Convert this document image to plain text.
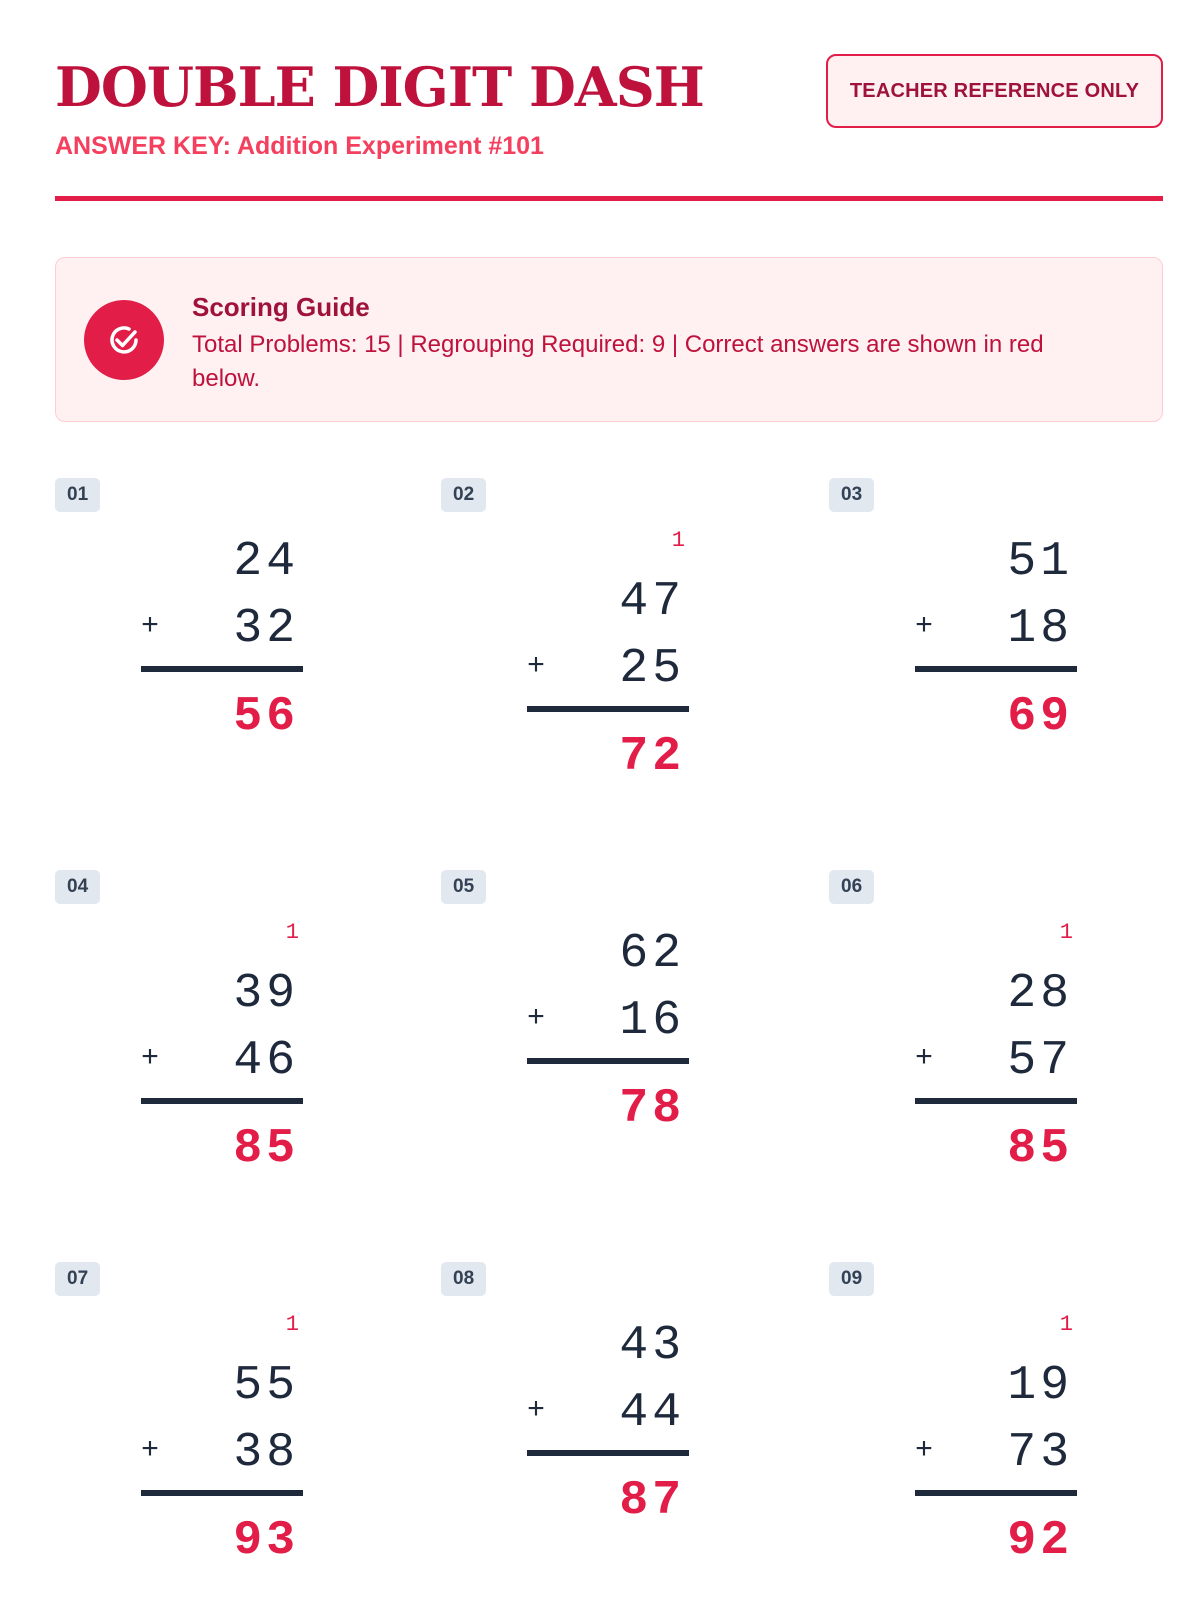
DOUBLE DIGIT DASH
ANSWER KEY: Addition Experiment #101
TEACHER REFERENCE ONLY
Scoring Guide
Total Problems: 15 | Regrouping Required: 9 | Correct answers are shown in red below.
01
24
+ 32
56
02
1
47
+ 25
72
03
51
+ 18
69
04
1
39
+ 46
85
05
62
+ 16
78
06
1
28
+ 57
85
07
1
55
+ 38
93
08
43
+ 44
87
09
1
19
+ 73
92
